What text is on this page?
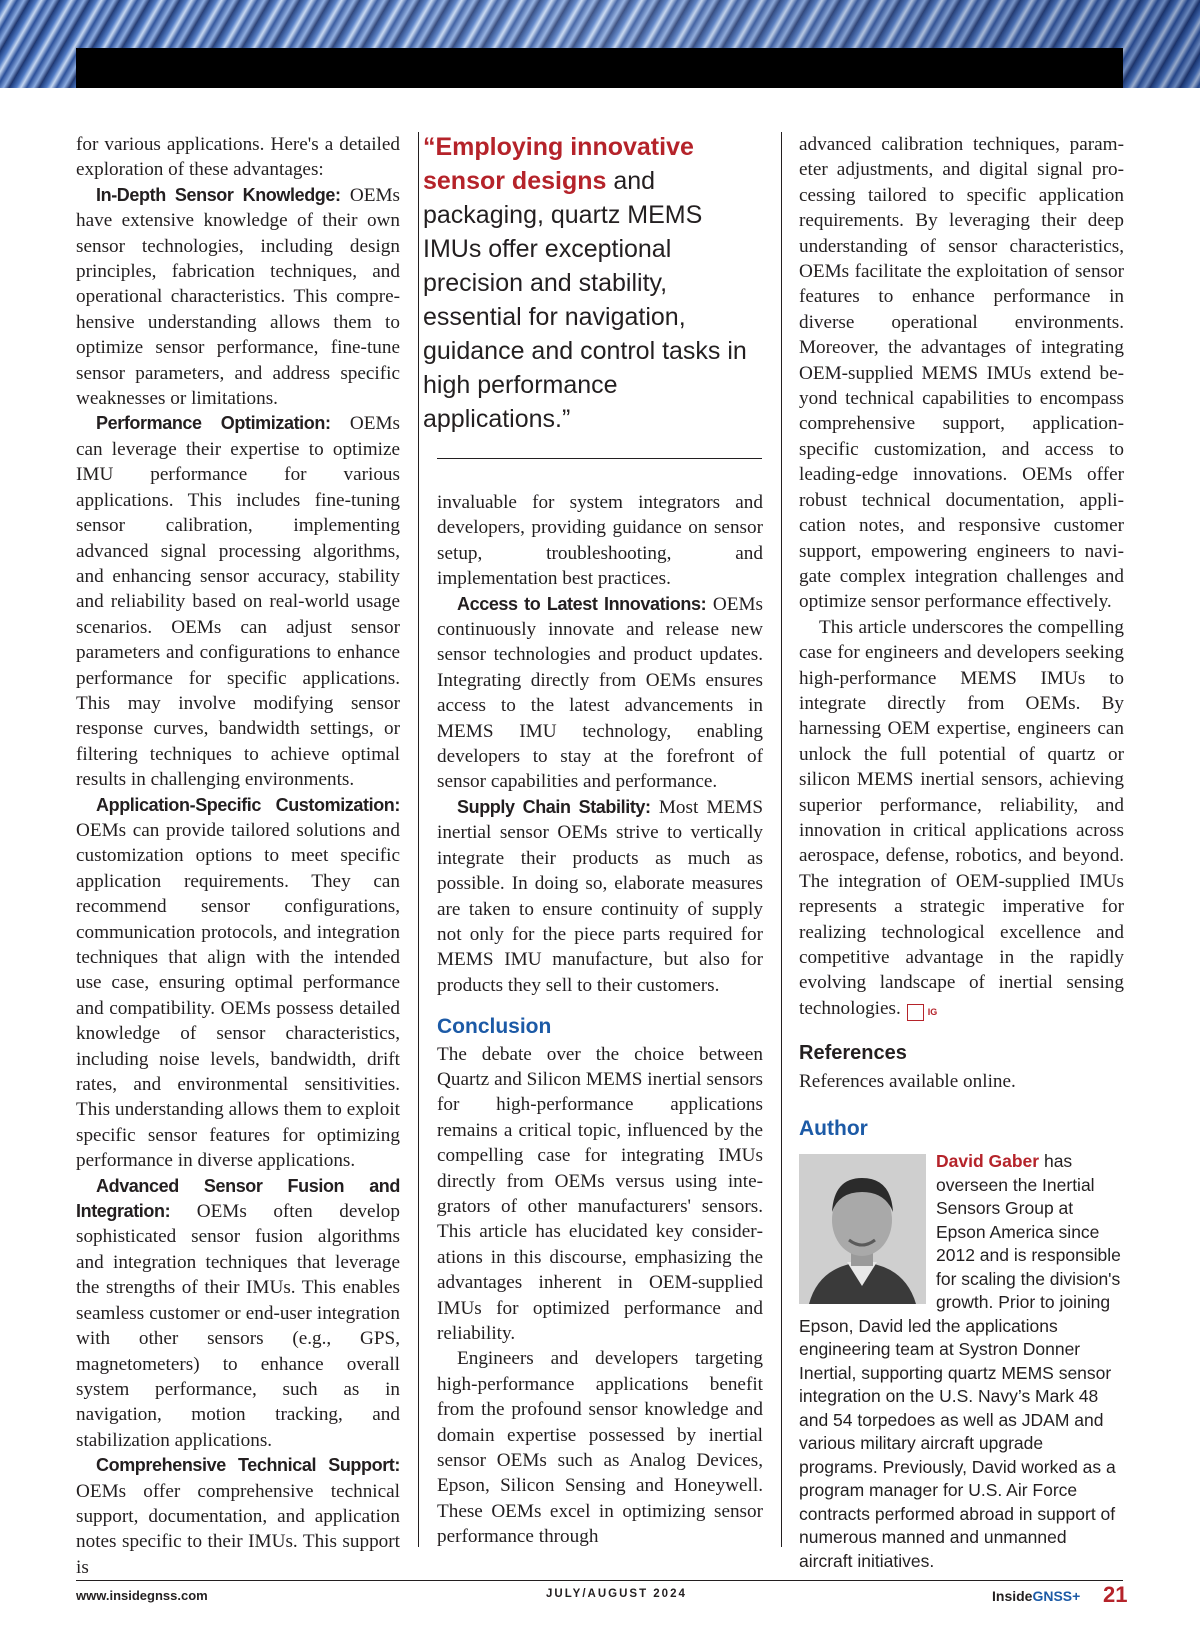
for various applications. Here's a detailed exploration of these advantages:

In-Depth Sensor Knowledge: OEMs have extensive knowledge of their own sensor technologies, including design principles, fabrication techniques, and operational characteristics. This comprehensive understanding allows them to optimize sensor performance, fine-tune sensor parameters, and address specific weaknesses or limitations.

Performance Optimization: OEMs can leverage their expertise to optimize IMU performance for various applications. This includes fine-tuning sensor calibration, implementing advanced signal processing algorithms, and enhancing sensor accuracy, stability and reliability based on real-world usage scenarios. OEMs can adjust sensor parameters and configurations to enhance performance for specific applications. This may involve modifying sensor response curves, bandwidth settings, or filtering techniques to achieve optimal results in challenging environments.

Application-Specific Customization: OEMs can provide tailored solutions and customization options to meet specific application requirements. They can recommend sensor configurations, communication protocols, and integration techniques that align with the intended use case, ensuring optimal performance and compatibility. OEMs possess detailed knowledge of sensor characteristics, including noise levels, bandwidth, drift rates, and environmental sensitivities. This understanding allows them to exploit specific sensor features for optimizing performance in diverse applications.

Advanced Sensor Fusion and Integration: OEMs often develop sophisticated sensor fusion algorithms and integration techniques that leverage the strengths of their IMUs. This enables seamless customer or end-user integration with other sensors (e.g., GPS, magnetometers) to enhance overall system performance, such as in navigation, motion tracking, and stabilization applications.

Comprehensive Technical Support: OEMs offer comprehensive technical support, documentation, and application notes specific to their IMUs. This support is

“Employing innovative sensor designs and packaging, quartz MEMS IMUs offer exceptional precision and stability, essential for navigation, guidance and control tasks in high performance applications.”

invaluable for system integrators and developers, providing guidance on sensor setup, troubleshooting, and implementation best practices.

Access to Latest Innovations: OEMs continuously innovate and release new sensor technologies and product updates. Integrating directly from OEMs ensures access to the latest advancements in MEMS IMU technology, enabling developers to stay at the forefront of sensor capabilities and performance.

Supply Chain Stability: Most MEMS inertial sensor OEMs strive to vertically integrate their products as much as possible. In doing so, elaborate measures are taken to ensure continuity of supply not only for the piece parts required for MEMS IMU manufacture, but also for products they sell to their customers.

Conclusion

The debate over the choice between Quartz and Silicon MEMS inertial sensors for high-performance applications remains a critical topic, influenced by the compelling case for integrating IMUs directly from OEMs versus using integrators of other manufacturers' sensors. This article has elucidated key considerations in this discourse, emphasizing the advantages inherent in OEM-supplied IMUs for optimized performance and reliability.

Engineers and developers targeting high-performance applications benefit from the profound sensor knowledge and domain expertise possessed by inertial sensor OEMs such as Analog Devices, Epson, Silicon Sensing and Honeywell. These OEMs excel in optimizing sensor performance through

advanced calibration techniques, parameter adjustments, and digital signal processing tailored to specific application requirements. By leveraging their deep understanding of sensor characteristics, OEMs facilitate the exploitation of sensor features to enhance performance in diverse operational environments. Moreover, the advantages of integrating OEM-supplied MEMS IMUs extend beyond technical capabilities to encompass comprehensive support, application-specific customization, and access to leading-edge innovations. OEMs offer robust technical documentation, application notes, and responsive customer support, empowering engineers to navigate complex integration challenges and optimize sensor performance effectively.

This article underscores the compelling case for engineers and developers seeking high-performance MEMS IMUs to integrate directly from OEMs. By harnessing OEM expertise, engineers can unlock the full potential of quartz or silicon MEMS inertial sensors, achieving superior performance, reliability, and innovation in critical applications across aerospace, defense, robotics, and beyond. The integration of OEM-supplied IMUs represents a strategic imperative for realizing technological excellence and competitive advantage in the rapidly evolving landscape of inertial sensing technologies.	IG

References

References available online.

Author
David Gaber has overseen the Inertial Sensors Group at Epson America since 2012 and is responsible for scaling the division's growth. Prior to joining Epson, David led the applications engineering team at Systron Donner Inertial, supporting quartz MEMS sensor integration on the U.S. Navy’s Mark 48 and 54 torpedoes as well as JDAM and various military aircraft upgrade programs. Previously, David worked as a program manager for U.S. Air Force contracts performed abroad in support of numerous manned and unmanned aircraft initiatives.
www.insidegnss.com	JULY/AUGUST 2024	InsideGNSS+ 21
